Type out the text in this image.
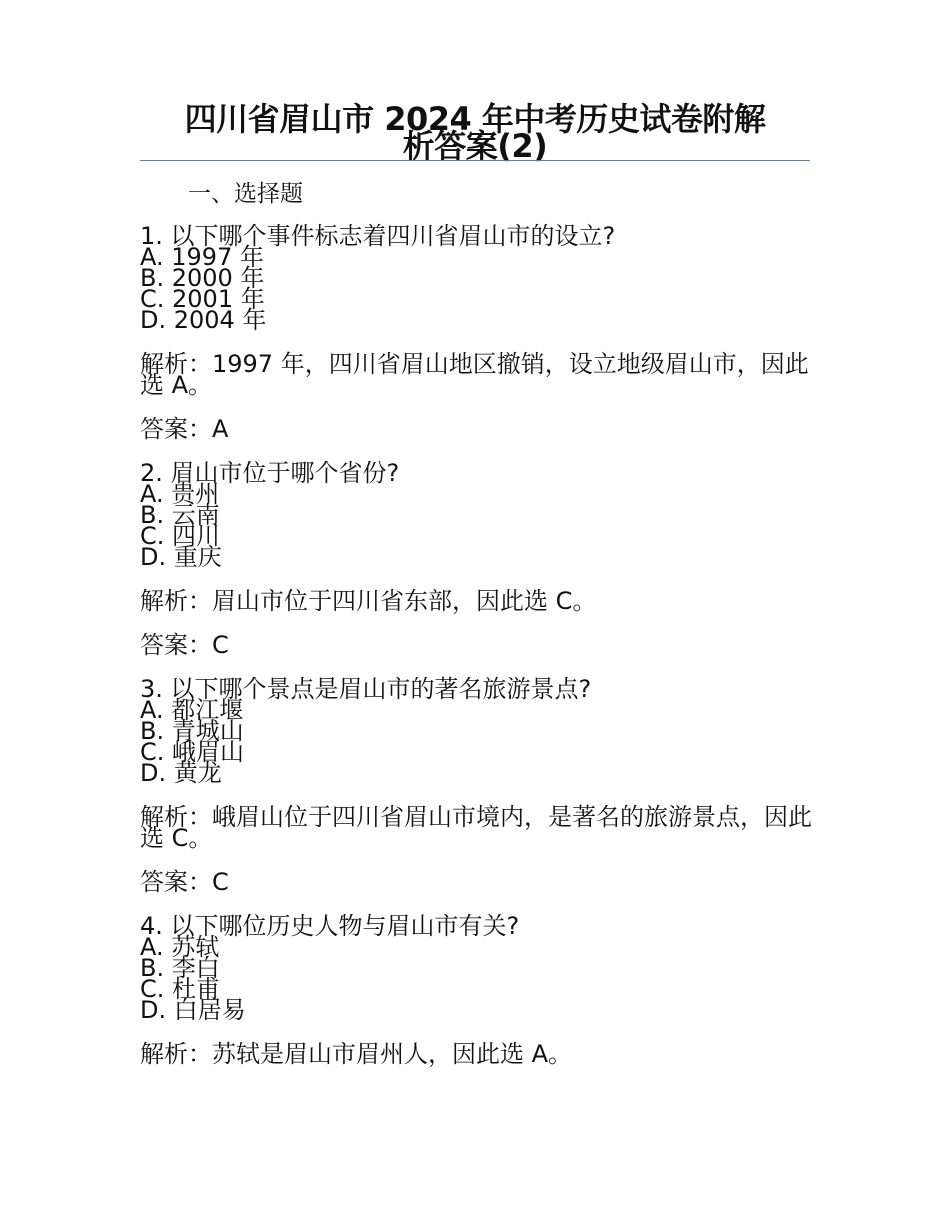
四川省眉山市 2024 年中考历史试卷附解
析答案(2)
一、选择题
1. 以下哪个事件标志着四川省眉山市的设立?
A. 1997 年
B. 2000 年
C. 2001 年
D. 2004 年
解析：1997 年，四川省眉山地区撤销，设立地级眉山市，因此选 A。
答案：A
2. 眉山市位于哪个省份?
A. 贵州
B. 云南
C. 四川
D. 重庆
解析：眉山市位于四川省东部，因此选 C。
答案：C
3. 以下哪个景点是眉山市的著名旅游景点?
A. 都江堰
B. 青城山
C. 峨眉山
D. 黄龙
解析：峨眉山位于四川省眉山市境内，是著名的旅游景点，因此选 C。
答案：C
4. 以下哪位历史人物与眉山市有关?
A. 苏轼
B. 李白
C. 杜甫
D. 白居易
解析：苏轼是眉山市眉州人，因此选 A。
